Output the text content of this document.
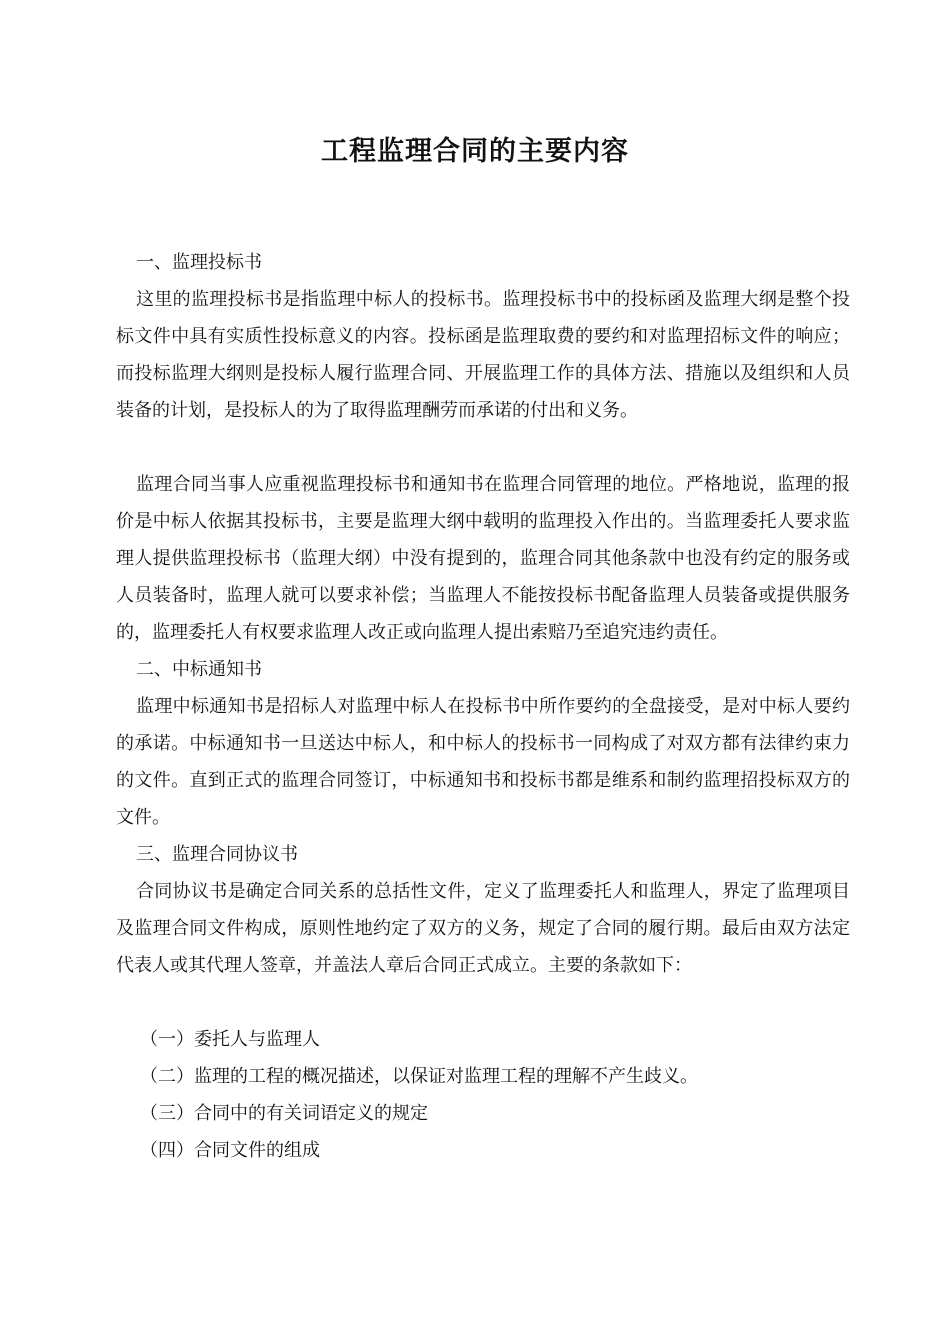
工程监理合同的主要内容

一、监理投标书

这里的监理投标书是指监理中标人的投标书。监理投标书中的投标函及监理大纲是整个投标文件中具有实质性投标意义的内容。投标函是监理取费的要约和对监理招标文件的响应；而投标监理大纲则是投标人履行监理合同、开展监理工作的具体方法、措施以及组织和人员装备的计划，是投标人的为了取得监理酬劳而承诺的付出和义务。

监理合同当事人应重视监理投标书和通知书在监理合同管理的地位。严格地说，监理的报价是中标人依据其投标书，主要是监理大纲中载明的监理投入作出的。当监理委托人要求监理人提供监理投标书（监理大纲）中没有提到的，监理合同其他条款中也没有约定的服务或人员装备时，监理人就可以要求补偿；当监理人不能按投标书配备监理人员装备或提供服务的，监理委托人有权要求监理人改正或向监理人提出索赔乃至追究违约责任。

二、中标通知书

监理中标通知书是招标人对监理中标人在投标书中所作要约的全盘接受，是对中标人要约的承诺。中标通知书一旦送达中标人，和中标人的投标书一同构成了对双方都有法律约束力的文件。直到正式的监理合同签订，中标通知书和投标书都是维系和制约监理招投标双方的文件。

三、监理合同协议书

合同协议书是确定合同关系的总括性文件，定义了监理委托人和监理人，界定了监理项目及监理合同文件构成，原则性地约定了双方的义务，规定了合同的履行期。最后由双方法定代表人或其代理人签章，并盖法人章后合同正式成立。主要的条款如下：

（一）委托人与监理人

（二）监理的工程的概况描述，以保证对监理工程的理解不产生歧义。

（三）合同中的有关词语定义的规定

（四）合同文件的组成
